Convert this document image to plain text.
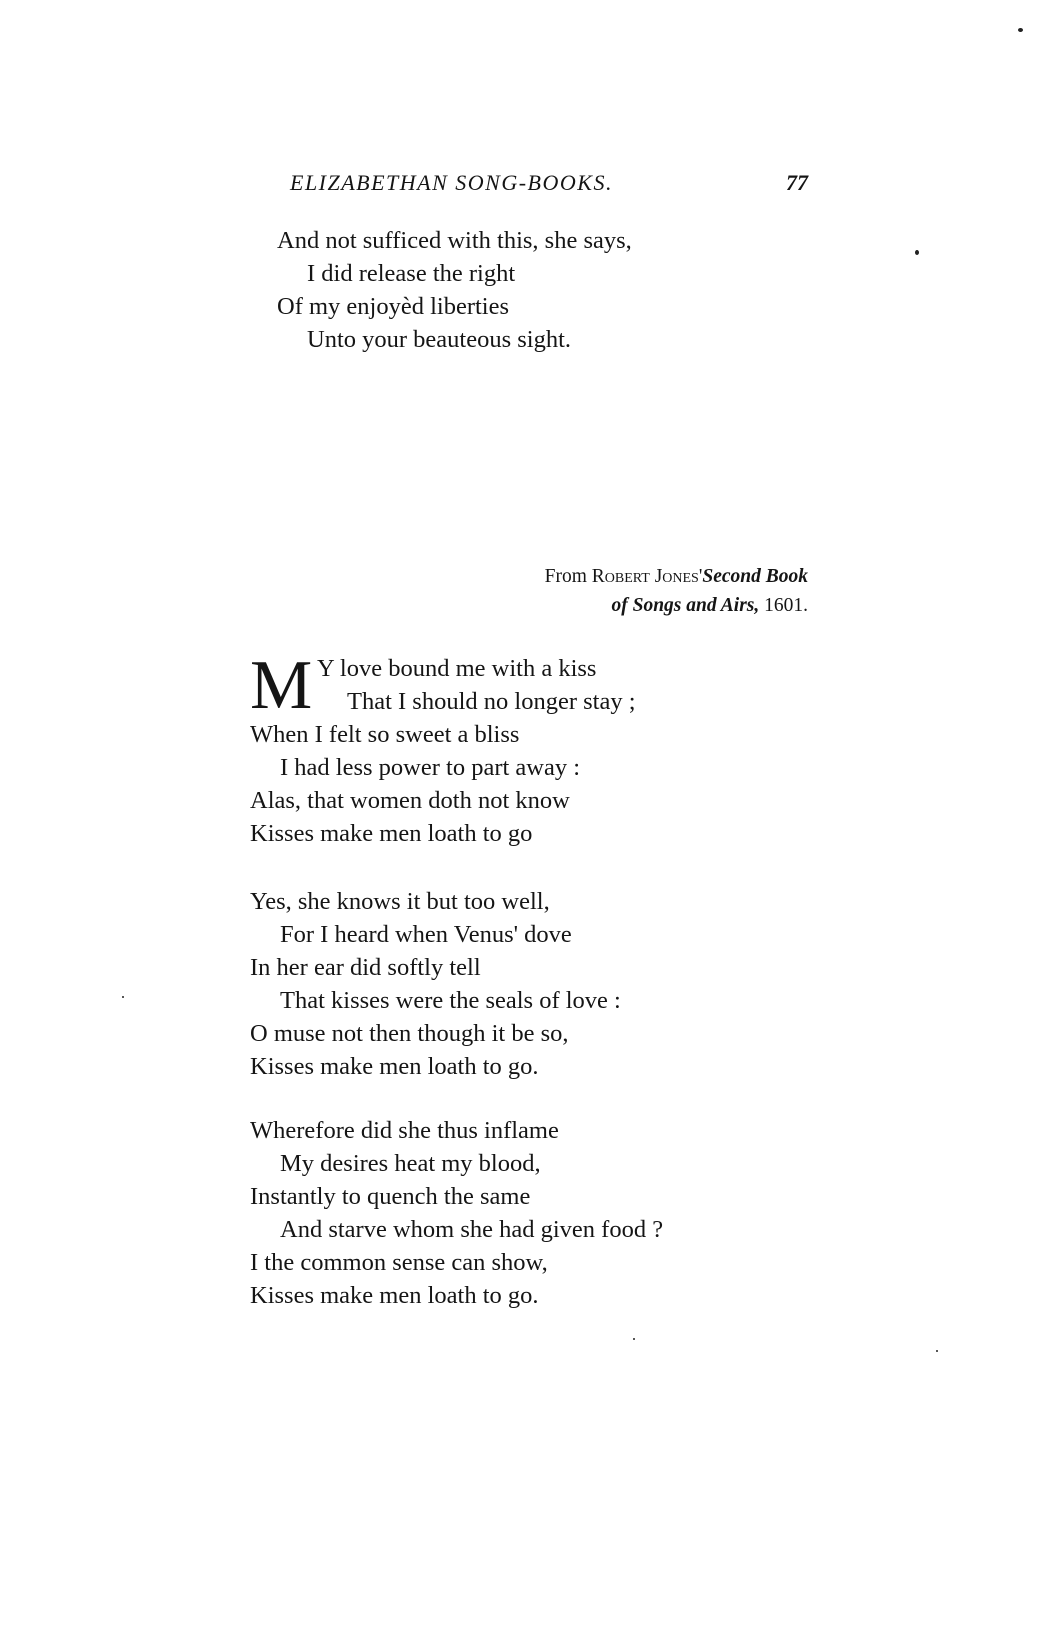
ELIZABETHAN SONG-BOOKS.	77
And not sufficed with this, she says,
I did release the right
Of my enjoyèd liberties
Unto your beauteous sight.
From Robert Jones'Second Book
of Songs and Airs, 1601.
M Y love bound me with a kiss
That I should no longer stay ;
When I felt so sweet a bliss
I had less power to part away :
Alas, that women doth not know
Kisses make men loath to go
Yes, she knows it but too well,
For I heard when Venus' dove
In her ear did softly tell
That kisses were the seals of love :
O muse not then though it be so,
Kisses make men loath to go.
Wherefore did she thus inflame
My desires heat my blood,
Instantly to quench the same
And starve whom she had given food ?
I the common sense can show,
Kisses make men loath to go.
